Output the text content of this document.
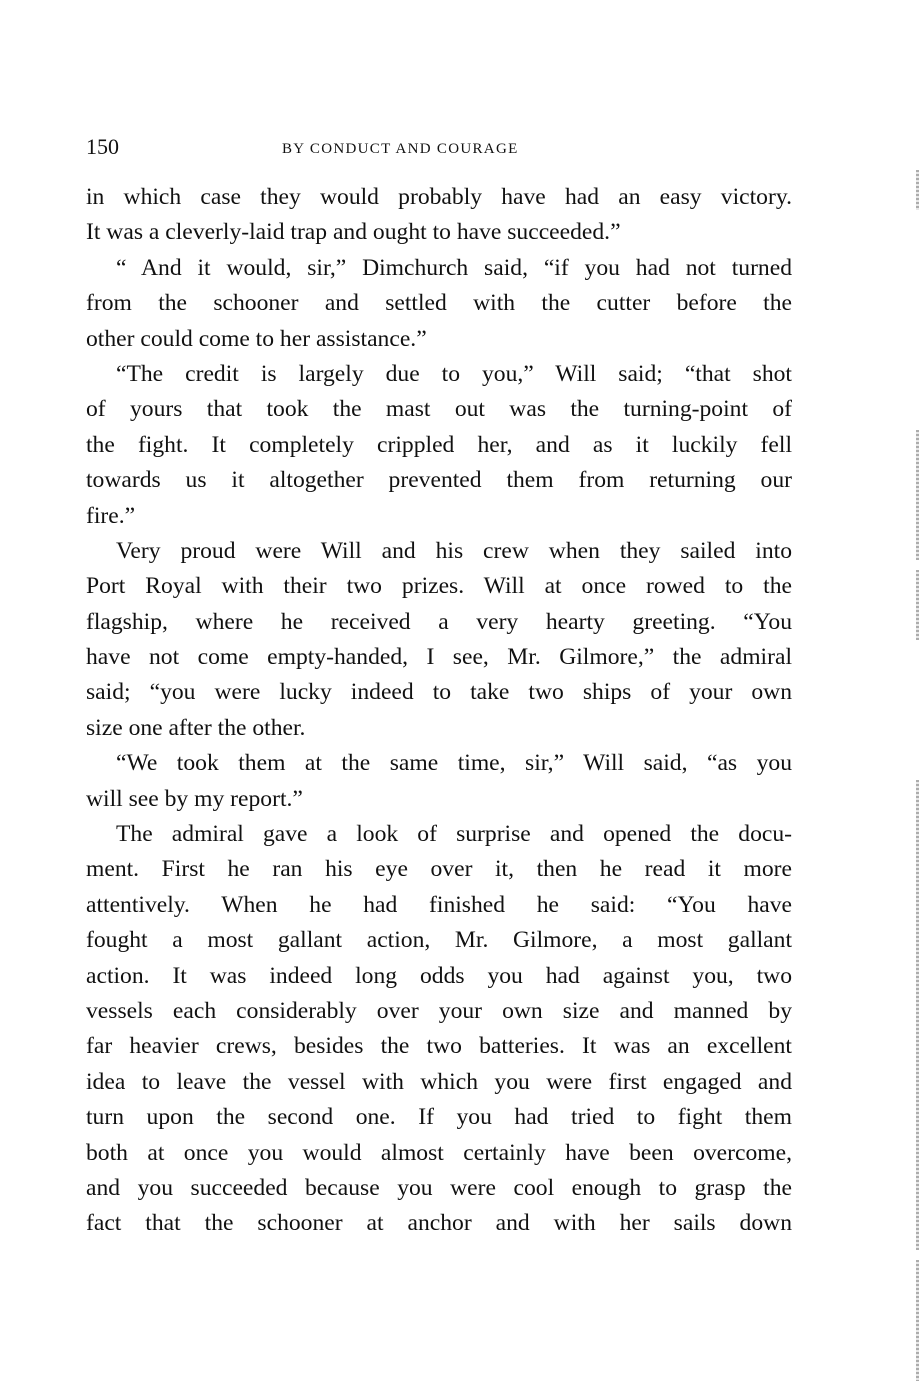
150	BY CONDUCT AND COURAGE
in which case they would probably have had an easy victory.
It was a cleverly-laid trap and ought to have succeeded.”
“ And it would, sir,” Dimchurch said, “if you had not turned
from the schooner and settled with the cutter before the
other could come to her assistance.”
“The credit is largely due to you,” Will said; “that shot
of yours that took the mast out was the turning-point of
the fight. It completely crippled her, and as it luckily fell
towards us it altogether prevented them from returning our
fire.”
Very proud were Will and his crew when they sailed into
Port Royal with their two prizes. Will at once rowed to the
flagship, where he received a very hearty greeting. “You
have not come empty-handed, I see, Mr. Gilmore,” the admiral
said; “you were lucky indeed to take two ships of your own
size one after the other.
“We took them at the same time, sir,” Will said, “as you
will see by my report.”
The admiral gave a look of surprise and opened the docu-
ment. First he ran his eye over it, then he read it more
attentively. When he had finished he said: “You have
fought a most gallant action, Mr. Gilmore, a most gallant
action. It was indeed long odds you had against you, two
vessels each considerably over your own size and manned by
far heavier crews, besides the two batteries. It was an excellent
idea to leave the vessel with which you were first engaged and
turn upon the second one. If you had tried to fight them
both at once you would almost certainly have been overcome,
and you succeeded because you were cool enough to grasp the
fact that the schooner at anchor and with her sails down
